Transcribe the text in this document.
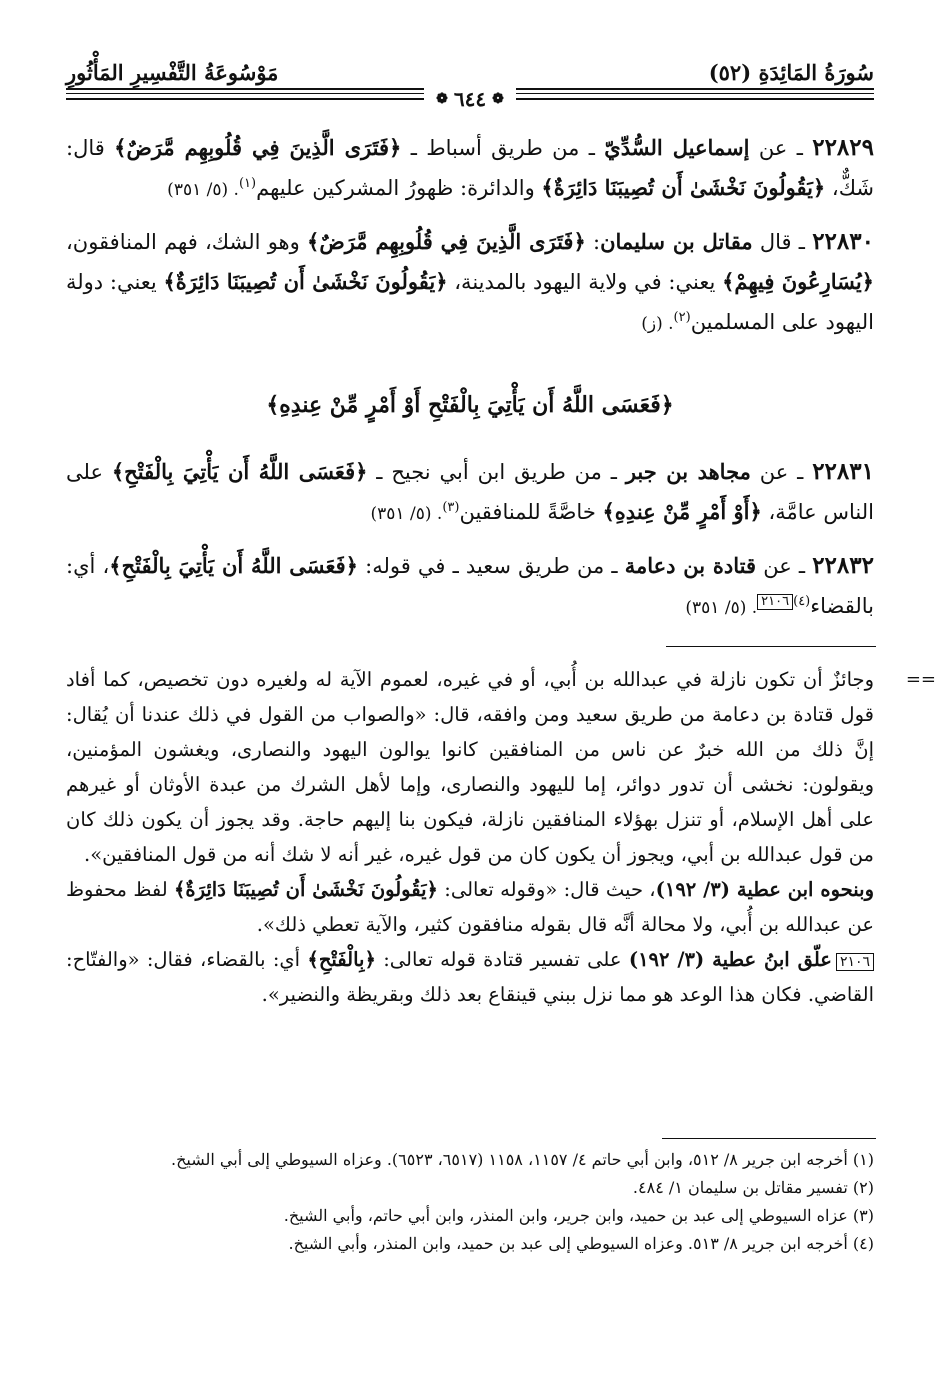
سُورَةُ المَائِدَةِ (٥٢)
مَوْسُوعَةُ التَّفْسِيرِ المَأْثُورِ
❁
٦٤٤
❁
٢٢٨٢٩ ـ عن إسماعيل السُّدِّيّ ـ من طريق أسباط ـ ﴿فَتَرَى الَّذِينَ فِي قُلُوبِهِم مَّرَضٌ﴾ قال: شَكٌّ، ﴿يَقُولُونَ نَخْشَىٰ أَن تُصِيبَنَا دَائِرَةٌ﴾ والدائرة: ظهورُ المشركين عليهم$^{(١)}$. (٥/ ٣٥١)
٢٢٨٣٠ ـ قال مقاتل بن سليمان: ﴿فَتَرَى الَّذِينَ فِي قُلُوبِهِم مَّرَضٌ﴾ وهو الشك، فهم المنافقون، ﴿يُسَارِعُونَ فِيهِمْ﴾ يعني: في ولاية اليهود بالمدينة، ﴿يَقُولُونَ نَخْشَىٰ أَن تُصِيبَنَا دَائِرَةٌ﴾ يعني: دولة اليهود على المسلمين$^{(٢)}$. (ز)
﴿فَعَسَى اللَّهُ أَن يَأْتِيَ بِالْفَتْحِ أَوْ أَمْرٍ مِّنْ عِندِهِ﴾
٢٢٨٣١ ـ عن مجاهد بن جبر ـ من طريق ابن أبي نجيح ـ ﴿فَعَسَى اللَّهُ أَن يَأْتِيَ بِالْفَتْحِ﴾ على الناس عامَّة، ﴿أَوْ أَمْرٍ مِّنْ عِندِهِ﴾ خاصَّةً للمنافقين$^{(٣)}$. (٥/ ٣٥١)
٢٢٨٣٢ ـ عن قتادة بن دعامة ـ من طريق سعيد ـ في قوله: ﴿فَعَسَى اللَّهُ أَن يَأْتِيَ بِالْفَتْحِ﴾، أي: بالقضاء$^{(٤)}$٢١٠٦. (٥/ ٣٥١)
==

وجائزٌ أن تكون نازلة في عبدالله بن أُبي، أو في غيره، لعموم الآية له ولغيره دون تخصيص، كما أفاد قول قتادة بن دعامة من طريق سعيد ومن وافقه، قال: «والصواب من القول في ذلك عندنا أن يُقال: إنَّ ذلك من الله خبرٌ عن ناس من المنافقين كانوا يوالون اليهود والنصارى، ويغشون المؤمنين، ويقولون: نخشى أن تدور دوائر، إما لليهود والنصارى، وإما لأهل الشرك من عبدة الأوثان أو غيرهم على أهل الإسلام، أو تنزل بهؤلاء المنافقين نازلة، فيكون بنا إليهم حاجة. وقد يجوز أن يكون ذلك كان من قول عبدالله بن أبي، ويجوز أن يكون كان من قول غيره، غير أنه لا شك أنه من قول المنافقين».

وبنحوه ابن عطية (٣/ ١٩٢)، حيث قال: «وقوله تعالى: ﴿يَقُولُونَ نَخْشَىٰ أَن تُصِيبَنَا دَائِرَةٌ﴾ لفظ محفوظ عن عبدالله بن أُبي، ولا محالة أنَّه قال بقوله منافقون كثير، والآية تعطي ذلك».

٢١٠٦علّق ابنُ عطية (٣/ ١٩٢) على تفسير قتادة قوله تعالى: ﴿بِالْفَتْحِ﴾ أي: بالقضاء، فقال: «والفتّاح: القاضي. فكان هذا الوعد هو مما نزل ببني قينقاع بعد ذلك وبقريظة والنضير».

(١) أخرجه ابن جرير ٨/ ٥١٢، وابن أبي حاتم ٤/ ١١٥٧، ١١٥٨ (٦٥١٧، ٦٥٢٣). وعزاه السيوطي إلى أبي الشيخ.

(٢) تفسير مقاتل بن سليمان ١/ ٤٨٤.

(٣) عزاه السيوطي إلى عبد بن حميد، وابن جرير، وابن المنذر، وابن أبي حاتم، وأبي الشيخ.

(٤) أخرجه ابن جرير ٨/ ٥١٣. وعزاه السيوطي إلى عبد بن حميد، وابن المنذر، وأبي الشيخ.
